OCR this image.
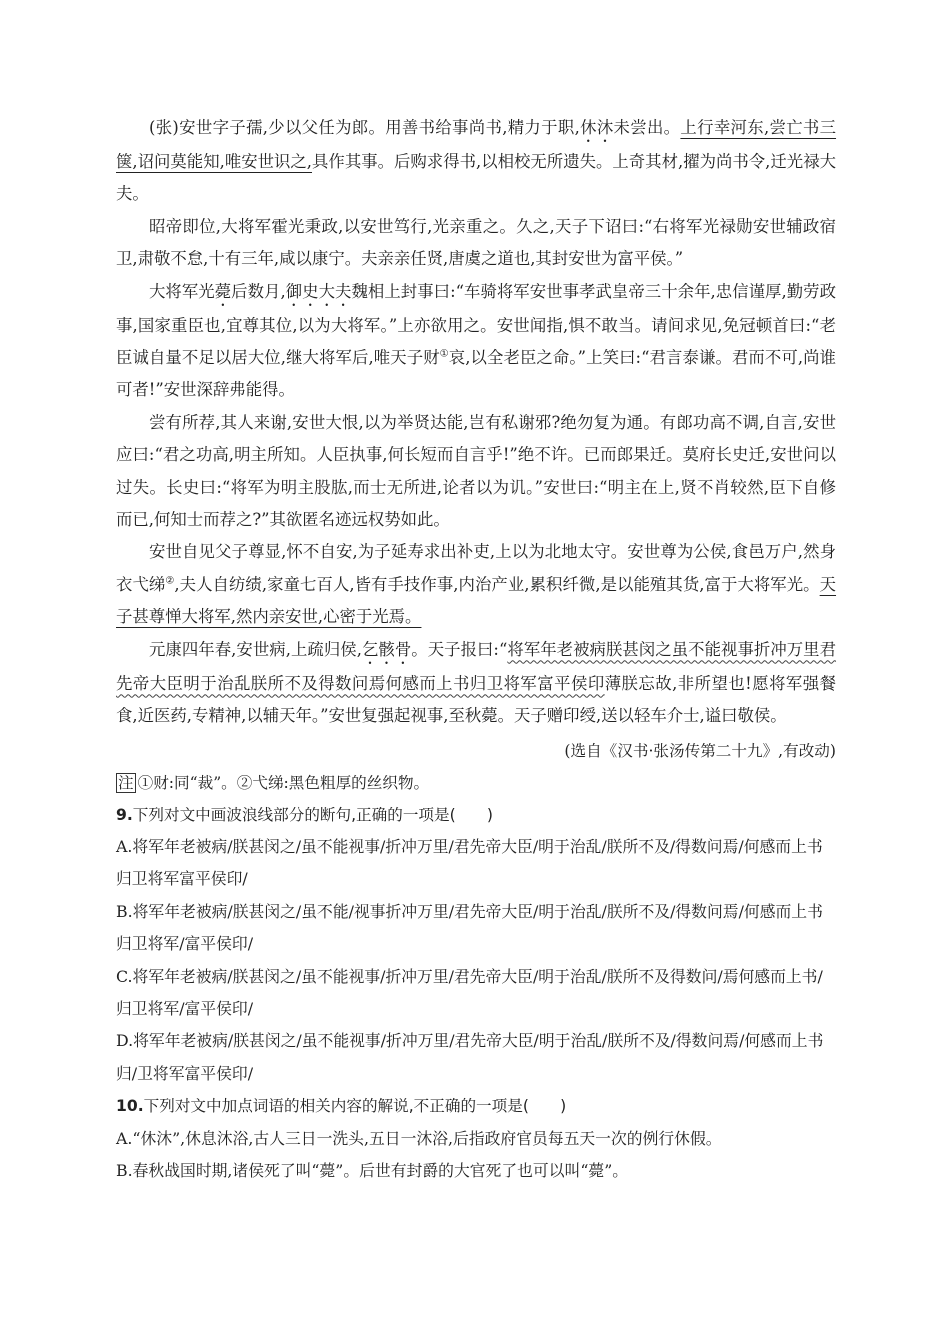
(张)安世字子孺,少以父任为郎。用善书给事尚书,精力于职,休沐未尝出。上行幸河东,尝亡书三箧,诏问莫能知,唯安世识之,具作其事。后购求得书,以相校无所遗失。上奇其材,擢为尚书令,迁光禄大夫。

昭帝即位,大将军霍光秉政,以安世笃行,光亲重之。久之,天子下诏曰:“右将军光禄勋安世辅政宿卫,肃敬不怠,十有三年,咸以康宁。夫亲亲任贤,唐虞之道也,其封安世为富平侯。”

大将军光薨后数月,御史大夫魏相上封事曰:“车骑将军安世事孝武皇帝三十余年,忠信谨厚,勤劳政事,国家重臣也,宜尊其位,以为大将军。”上亦欲用之。安世闻指,惧不敢当。请间求见,免冠顿首曰:“老臣诚自量不足以居大位,继大将军后,唯天子财①哀,以全老臣之命。”上笑曰:“君言泰谦。君而不可,尚谁可者!”安世深辞弗能得。

尝有所荐,其人来谢,安世大恨,以为举贤达能,岂有私谢邪?绝勿复为通。有郎功高不调,自言,安世应曰:“君之功高,明主所知。人臣执事,何长短而自言乎!”绝不许。已而郎果迁。莫府长史迁,安世问以过失。长史曰:“将军为明主股肱,而士无所进,论者以为讥。”安世曰:“明主在上,贤不肖较然,臣下自修而已,何知士而荐之?”其欲匿名迹远权势如此。

安世自见父子尊显,怀不自安,为子延寿求出补吏,上以为北地太守。安世尊为公侯,食邑万户,然身衣弋绨②,夫人自纺绩,家童七百人,皆有手技作事,内治产业,累积纤微,是以能殖其货,富于大将军光。天子甚尊惮大将军,然内亲安世,心密于光焉。

元康四年春,安世病,上疏归侯,乞骸骨。天子报曰:“将军年老被病朕甚闵之虽不能视事折冲万里君先帝大臣明于治乱朕所不及得数问焉何感而上书归卫将军富平侯印薄朕忘故,非所望也!愿将军强餐食,近医药,专精神,以辅天年。”安世复强起视事,至秋薨。天子赠印绶,送以轻车介士,谥曰敬侯。

(选自《汉书·张汤传第二十九》,有改动)

注 ①财:同“裁”。②弋绨:黑色粗厚的丝织物。

9.下列对文中画波浪线部分的断句,正确的一项是(　　)

A.将军年老被病/朕甚闵之/虽不能视事/折冲万里/君先帝大臣/明于治乱/朕所不及/得数问焉/何感而上书归卫将军富平侯印/

B.将军年老被病/朕甚闵之/虽不能/视事折冲万里/君先帝大臣/明于治乱/朕所不及/得数问焉/何感而上书归卫将军/富平侯印/

C.将军年老被病/朕甚闵之/虽不能视事/折冲万里/君先帝大臣/明于治乱/朕所不及得数问/焉何感而上书/归卫将军/富平侯印/

D.将军年老被病/朕甚闵之/虽不能视事/折冲万里/君先帝大臣/明于治乱/朕所不及/得数问焉/何感而上书归/卫将军富平侯印/

10.下列对文中加点词语的相关内容的解说,不正确的一项是(　　)

A.“休沐”,休息沐浴,古人三日一洗头,五日一沐浴,后指政府官员每五天一次的例行休假。

B.春秋战国时期,诸侯死了叫“薨”。后世有封爵的大官死了也可以叫“薨”。
